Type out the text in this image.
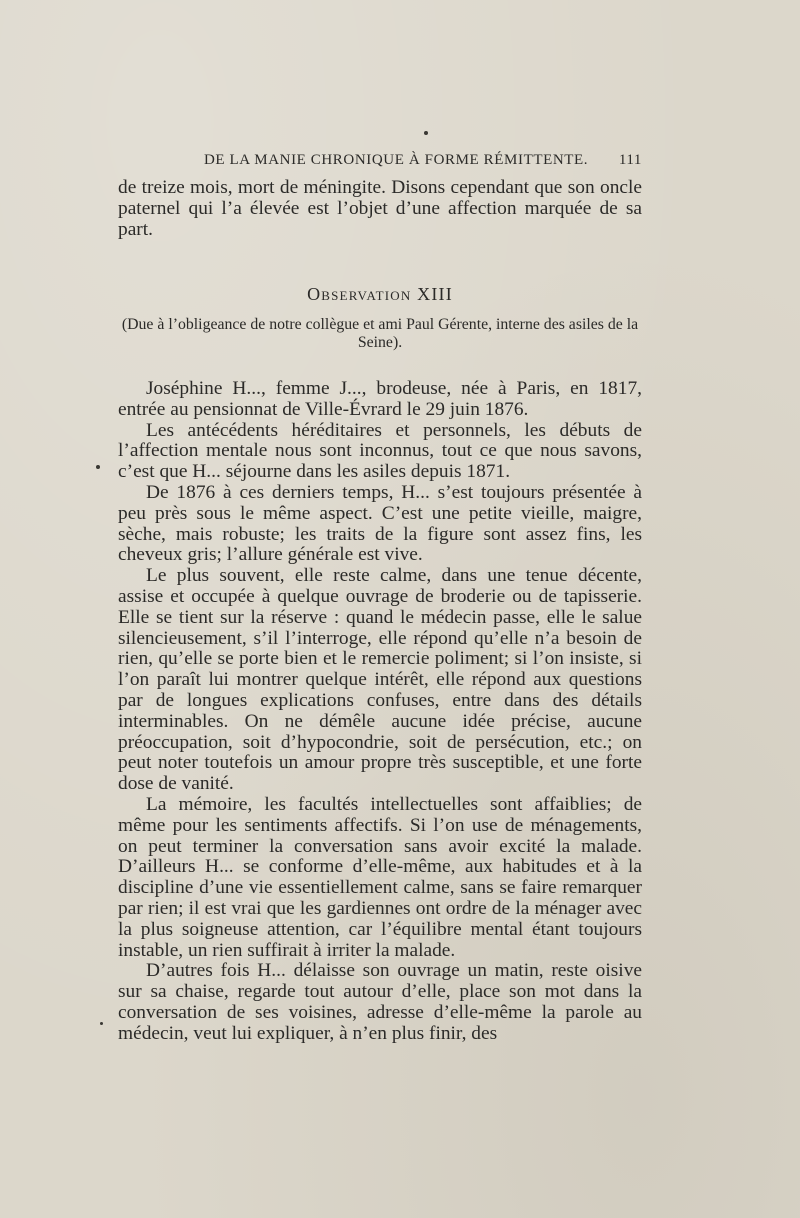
DE LA MANIE CHRONIQUE À FORME RÉMITTENTE. 111

de treize mois, mort de méningite. Disons cependant que son oncle paternel qui l’a élevée est l’objet d’une affection marquée de sa part.

Observation XIII
(Due à l’obligeance de notre collègue et ami Paul Gérente, interne des asiles de la Seine).

Joséphine H..., femme J..., brodeuse, née à Paris, en 1817, entrée au pensionnat de Ville-Évrard le 29 juin 1876.

Les antécédents héréditaires et personnels, les débuts de l’affection mentale nous sont inconnus, tout ce que nous savons, c’est que H... séjourne dans les asiles depuis 1871.

De 1876 à ces derniers temps, H... s’est toujours présentée à peu près sous le même aspect. C’est une petite vieille, maigre, sèche, mais robuste; les traits de la figure sont assez fins, les cheveux gris; l’allure générale est vive.

Le plus souvent, elle reste calme, dans une tenue décente, assise et occupée à quelque ouvrage de broderie ou de tapisserie. Elle se tient sur la réserve : quand le médecin passe, elle le salue silencieusement, s’il l’interroge, elle répond qu’elle n’a besoin de rien, qu’elle se porte bien et le remercie poliment; si l’on insiste, si l’on paraît lui montrer quelque intérêt, elle répond aux questions par de longues explications confuses, entre dans des détails interminables. On ne démêle aucune idée précise, aucune préoccupation, soit d’hypocondrie, soit de persécution, etc.; on peut noter toutefois un amour propre très susceptible, et une forte dose de vanité.

La mémoire, les facultés intellectuelles sont affaiblies; de même pour les sentiments affectifs. Si l’on use de ménagements, on peut terminer la conversation sans avoir excité la malade. D’ailleurs H... se conforme d’elle-même, aux habitudes et à la discipline d’une vie essentiellement calme, sans se faire remarquer par rien; il est vrai que les gardiennes ont ordre de la ménager avec la plus soigneuse attention, car l’équilibre mental étant toujours instable, un rien suffirait à irriter la malade.

D’autres fois H... délaisse son ouvrage un matin, reste oisive sur sa chaise, regarde tout autour d’elle, place son mot dans la conversation de ses voisines, adresse d’elle-même la parole au médecin, veut lui expliquer, à n’en plus finir, des
